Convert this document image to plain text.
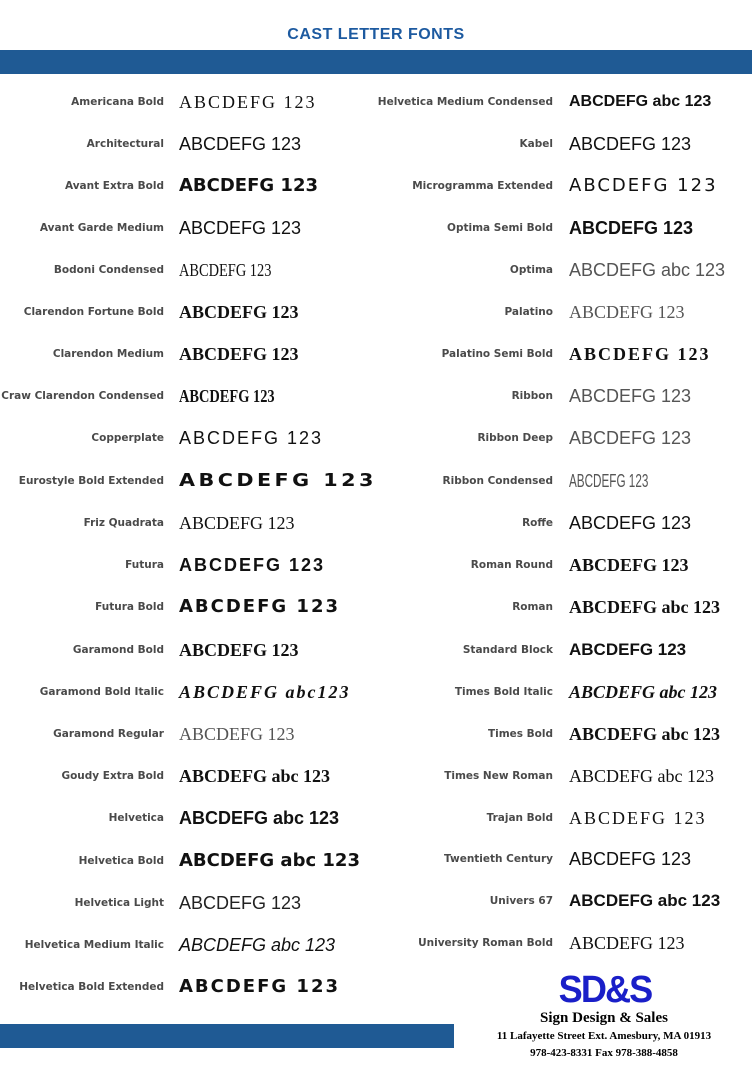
CAST LETTER FONTS
Americana Bold ABCDEFG 123
Architectural ABCDEFG 123
Avant Extra Bold ABCDEFG 123
Avant Garde Medium ABCDEFG 123
Bodoni Condensed ABCDEFG 123
Clarendon Fortune Bold ABCDEFG 123
Clarendon Medium ABCDEFG 123
Craw Clarendon Condensed ABCDEFG 123
Copperplate ABCDEFG 123
Eurostyle Bold Extended ABCDEFG 123
Friz Quadrata ABCDEFG 123
Futura ABCDEFG 123
Futura Bold ABCDEFG 123
Garamond Bold ABCDEFG 123
Garamond Bold Italic ABCDEFG abc123
Garamond Regular ABCDEFG 123
Goudy Extra Bold ABCDEFG abc 123
Helvetica ABCDEFG abc 123
Helvetica Bold ABCDEFG abc 123
Helvetica Light ABCDEFG 123
Helvetica Medium Italic ABCDEFG abc 123
Helvetica Bold Extended ABCDEFG 123
Helvetica Medium Condensed ABCDEFG abc 123
Kabel ABCDEFG 123
Microgramma Extended ABCDEFG 123
Optima Semi Bold ABCDEFG 123
Optima ABCDEFG abc 123
Palatino ABCDEFG 123
Palatino Semi Bold ABCDEFG 123
Ribbon ABCDEFG 123
Ribbon Deep ABCDEFG 123
Ribbon Condensed ABCDEFG 123
Roffe ABCDEFG 123
Roman Round ABCDEFG 123
Roman ABCDEFG abc 123
Standard Block ABCDEFG 123
Times Bold Italic ABCDEFG abc 123
Times Bold ABCDEFG abc 123
Times New Roman ABCDEFG abc 123
Trajan Bold ABCDEFG 123
Twentieth Century ABCDEFG 123
Univers 67 ABCDEFG abc 123
University Roman Bold ABCDEFG 123
SD&S
Sign Design & Sales
11 Lafayette Street Ext. Amesbury, MA 01913
978-423-8331 Fax 978-388-4858
